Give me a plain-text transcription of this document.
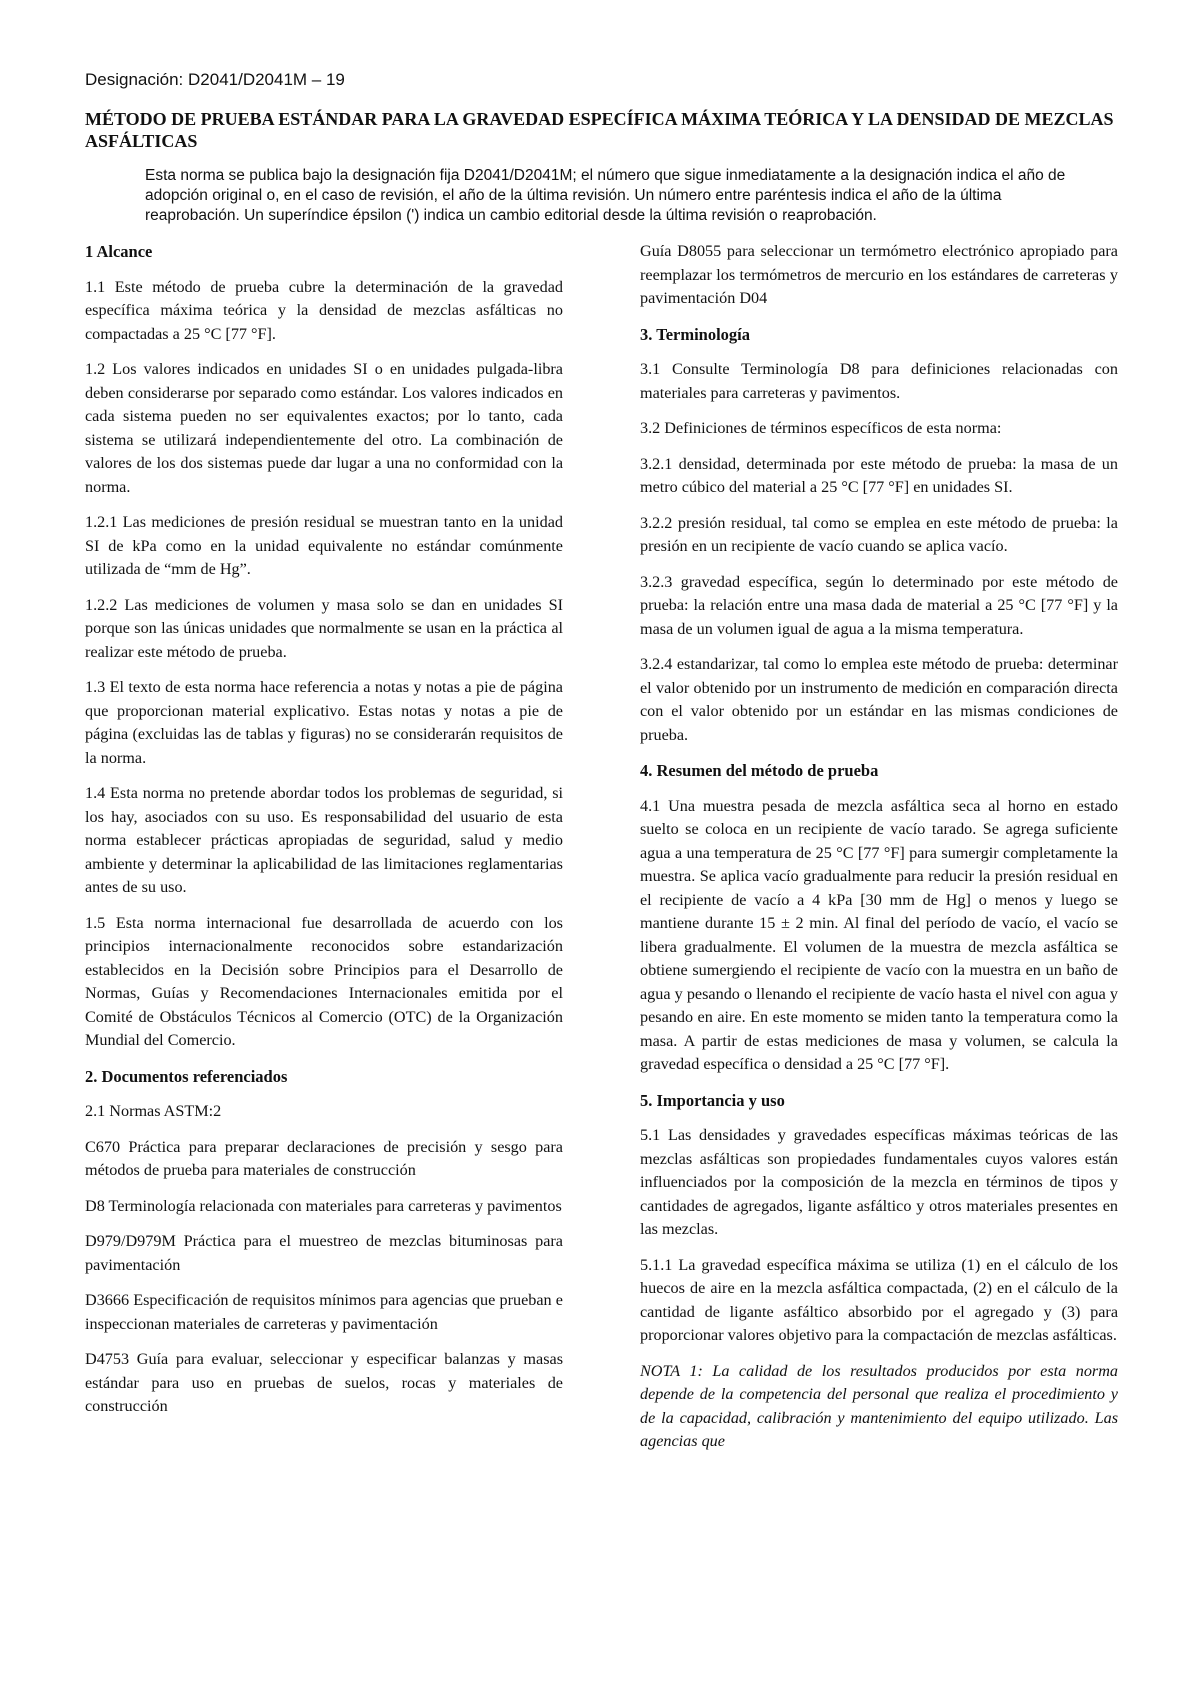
Designación: D2041/D2041M – 19
MÉTODO DE PRUEBA ESTÁNDAR PARA LA GRAVEDAD ESPECÍFICA MÁXIMA TEÓRICA Y LA DENSIDAD DE MEZCLAS ASFÁLTICAS
Esta norma se publica bajo la designación fija D2041/D2041M; el número que sigue inmediatamente a la designación indica el año de adopción original o, en el caso de revisión, el año de la última revisión. Un número entre paréntesis indica el año de la última reaprobación. Un superíndice épsilon (') indica un cambio editorial desde la última revisión o reaprobación.
1 Alcance

1.1 Este método de prueba cubre la determinación de la gravedad específica máxima teórica y la densidad de mezclas asfálticas no compactadas a 25 °C [77 °F].

1.2 Los valores indicados en unidades SI o en unidades pulgada-libra deben considerarse por separado como estándar. Los valores indicados en cada sistema pueden no ser equivalentes exactos; por lo tanto, cada sistema se utilizará independientemente del otro. La combinación de valores de los dos sistemas puede dar lugar a una no conformidad con la norma.

1.2.1 Las mediciones de presión residual se muestran tanto en la unidad SI de kPa como en la unidad equivalente no estándar comúnmente utilizada de “mm de Hg”.

1.2.2 Las mediciones de volumen y masa solo se dan en unidades SI porque son las únicas unidades que normalmente se usan en la práctica al realizar este método de prueba.

1.3 El texto de esta norma hace referencia a notas y notas a pie de página que proporcionan material explicativo. Estas notas y notas a pie de página (excluidas las de tablas y figuras) no se considerarán requisitos de la norma.

1.4 Esta norma no pretende abordar todos los problemas de seguridad, si los hay, asociados con su uso. Es responsabilidad del usuario de esta norma establecer prácticas apropiadas de seguridad, salud y medio ambiente y determinar la aplicabilidad de las limitaciones reglamentarias antes de su uso.

1.5 Esta norma internacional fue desarrollada de acuerdo con los principios internacionalmente reconocidos sobre estandarización establecidos en la Decisión sobre Principios para el Desarrollo de Normas, Guías y Recomendaciones Internacionales emitida por el Comité de Obstáculos Técnicos al Comercio (OTC) de la Organización Mundial del Comercio.

2. Documentos referenciados

2.1 Normas ASTM:2

C670 Práctica para preparar declaraciones de precisión y sesgo para métodos de prueba para materiales de construcción

D8 Terminología relacionada con materiales para carreteras y pavimentos

D979/D979M Práctica para el muestreo de mezclas bituminosas para pavimentación

D3666 Especificación de requisitos mínimos para agencias que prueban e inspeccionan materiales de carreteras y pavimentación

D4753 Guía para evaluar, seleccionar y especificar balanzas y masas estándar para uso en pruebas de suelos, rocas y materiales de construcción

Guía D8055 para seleccionar un termómetro electrónico apropiado para reemplazar los termómetros de mercurio en los estándares de carreteras y pavimentación D04

3. Terminología

3.1 Consulte Terminología D8 para definiciones relacionadas con materiales para carreteras y pavimentos.

3.2 Definiciones de términos específicos de esta norma:

3.2.1 densidad, determinada por este método de prueba: la masa de un metro cúbico del material a 25 °C [77 °F] en unidades SI.

3.2.2 presión residual, tal como se emplea en este método de prueba: la presión en un recipiente de vacío cuando se aplica vacío.

3.2.3 gravedad específica, según lo determinado por este método de prueba: la relación entre una masa dada de material a 25 °C [77 °F] y la masa de un volumen igual de agua a la misma temperatura.

3.2.4 estandarizar, tal como lo emplea este método de prueba: determinar el valor obtenido por un instrumento de medición en comparación directa con el valor obtenido por un estándar en las mismas condiciones de prueba.

4. Resumen del método de prueba

4.1 Una muestra pesada de mezcla asfáltica seca al horno en estado suelto se coloca en un recipiente de vacío tarado. Se agrega suficiente agua a una temperatura de 25 °C [77 °F] para sumergir completamente la muestra. Se aplica vacío gradualmente para reducir la presión residual en el recipiente de vacío a 4 kPa [30 mm de Hg] o menos y luego se mantiene durante 15 ± 2 min. Al final del período de vacío, el vacío se libera gradualmente. El volumen de la muestra de mezcla asfáltica se obtiene sumergiendo el recipiente de vacío con la muestra en un baño de agua y pesando o llenando el recipiente de vacío hasta el nivel con agua y pesando en aire. En este momento se miden tanto la temperatura como la masa. A partir de estas mediciones de masa y volumen, se calcula la gravedad específica o densidad a 25 °C [77 °F].

5. Importancia y uso

5.1 Las densidades y gravedades específicas máximas teóricas de las mezclas asfálticas son propiedades fundamentales cuyos valores están influenciados por la composición de la mezcla en términos de tipos y cantidades de agregados, ligante asfáltico y otros materiales presentes en las mezclas.

5.1.1 La gravedad específica máxima se utiliza (1) en el cálculo de los huecos de aire en la mezcla asfáltica compactada, (2) en el cálculo de la cantidad de ligante asfáltico absorbido por el agregado y (3) para proporcionar valores objetivo para la compactación de mezclas asfálticas.

NOTA 1: La calidad de los resultados producidos por esta norma depende de la competencia del personal que realiza el procedimiento y de la capacidad, calibración y mantenimiento del equipo utilizado. Las agencias que
